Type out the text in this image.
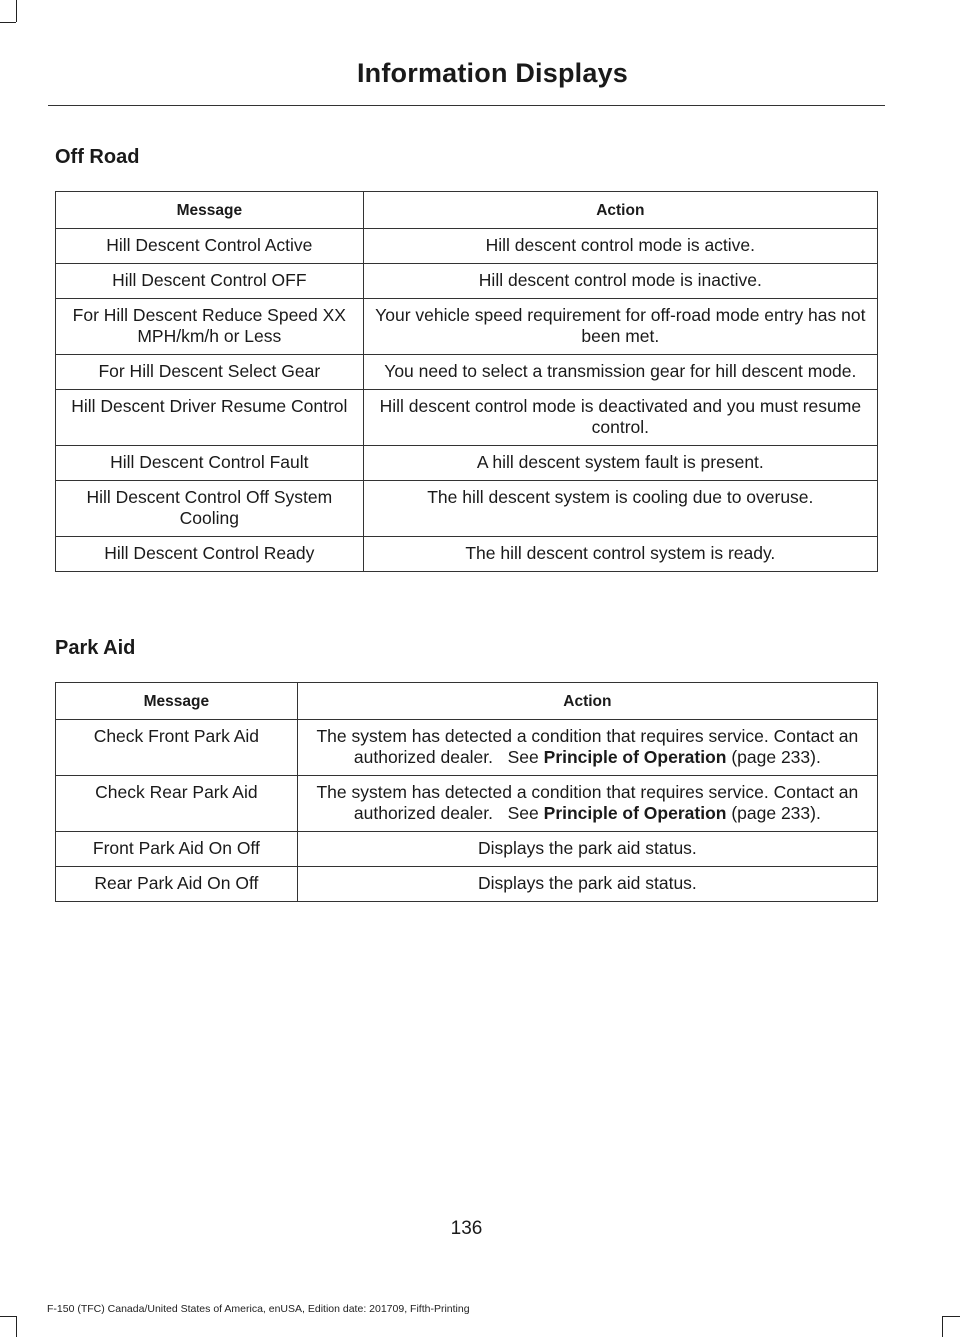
Information Displays
Off Road
Message	Action
Hill Descent Control Active	Hill descent control mode is active.
Hill Descent Control OFF	Hill descent control mode is inactive.
For Hill Descent Reduce Speed XX MPH/km/h or Less	Your vehicle speed requirement for off-road mode entry has not been met.
For Hill Descent Select Gear	You need to select a transmission gear for hill descent mode.
Hill Descent Driver Resume Control	Hill descent control mode is deactivated and you must resume control.
Hill Descent Control Fault	A hill descent system fault is present.
Hill Descent Control Off System Cooling	The hill descent system is cooling due to overuse.
Hill Descent Control Ready	The hill descent control system is ready.
Park Aid
Message	Action
Check Front Park Aid	The system has detected a condition that requires service. Contact an authorized dealer. See Principle of Operation (page 233).
Check Rear Park Aid	The system has detected a condition that requires service. Contact an authorized dealer. See Principle of Operation (page 233).
Front Park Aid On Off	Displays the park aid status.
Rear Park Aid On Off	Displays the park aid status.
136
F-150 (TFC) Canada/United States of America, enUSA, Edition date: 201709, Fifth-Printing
